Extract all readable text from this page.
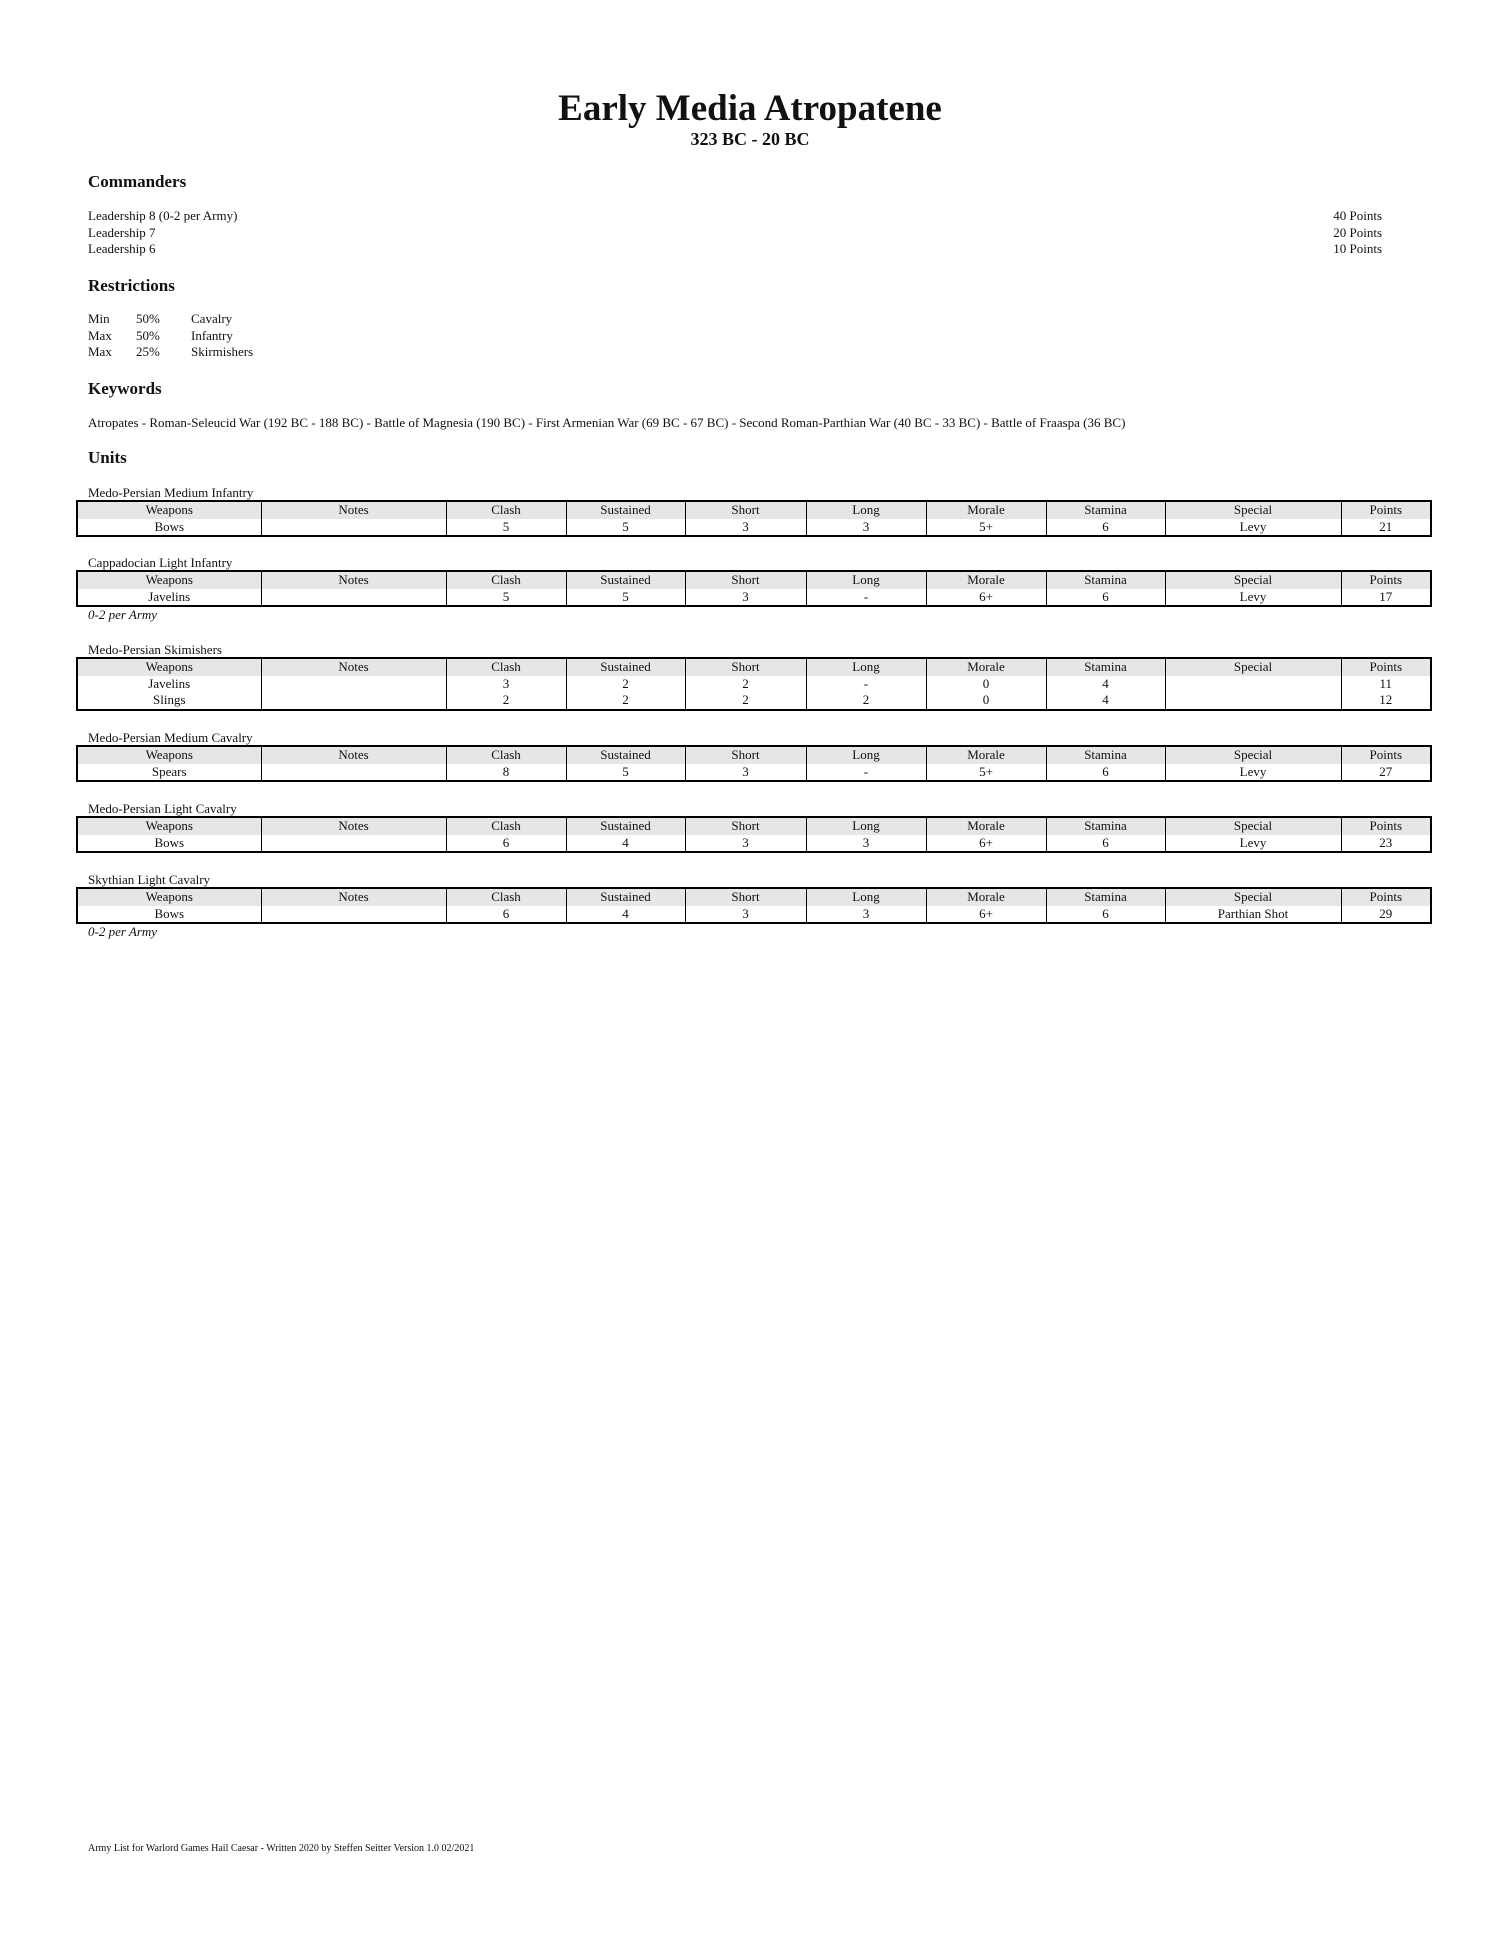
Early Media Atropatene
323 BC - 20 BC
Commanders
Leadership 8 (0-2 per Army)	40 Points
Leadership 7	20 Points
Leadership 6	10 Points
Restrictions
Min	50%	Cavalry
Max	50%	Infantry
Max	25%	Skirmishers
Keywords
Atropates - Roman-Seleucid War (192 BC - 188 BC) - Battle of Magnesia (190 BC) - First Armenian War (69 BC - 67 BC) - Second Roman-Parthian War (40 BC - 33 BC) - Battle of Fraaspa (36 BC)
Units
Medo-Persian Medium Infantry
Weapons	Notes	Clash	Sustained	Short	Long	Morale	Stamina	Special	Points
Bows		5	5	3	3	5+	6	Levy	21
Cappadocian Light Infantry
Weapons	Notes	Clash	Sustained	Short	Long	Morale	Stamina	Special	Points
Javelins		5	5	3	-	6+	6	Levy	17
0-2 per Army
Medo-Persian Skimishers
Weapons	Notes	Clash	Sustained	Short	Long	Morale	Stamina	Special	Points
Javelins		3	2	2	-	0	4		11
Slings		2	2	2	2	0	4		12
Medo-Persian Medium Cavalry
Weapons	Notes	Clash	Sustained	Short	Long	Morale	Stamina	Special	Points
Spears		8	5	3	-	5+	6	Levy	27
Medo-Persian Light Cavalry
Weapons	Notes	Clash	Sustained	Short	Long	Morale	Stamina	Special	Points
Bows		6	4	3	3	6+	6	Levy	23
Skythian Light Cavalry
Weapons	Notes	Clash	Sustained	Short	Long	Morale	Stamina	Special	Points
Bows		6	4	3	3	6+	6	Parthian Shot	29
0-2 per Army
Army List for Warlord Games Hail Caesar - Written 2020 by Steffen Seitter Version 1.0 02/2021
